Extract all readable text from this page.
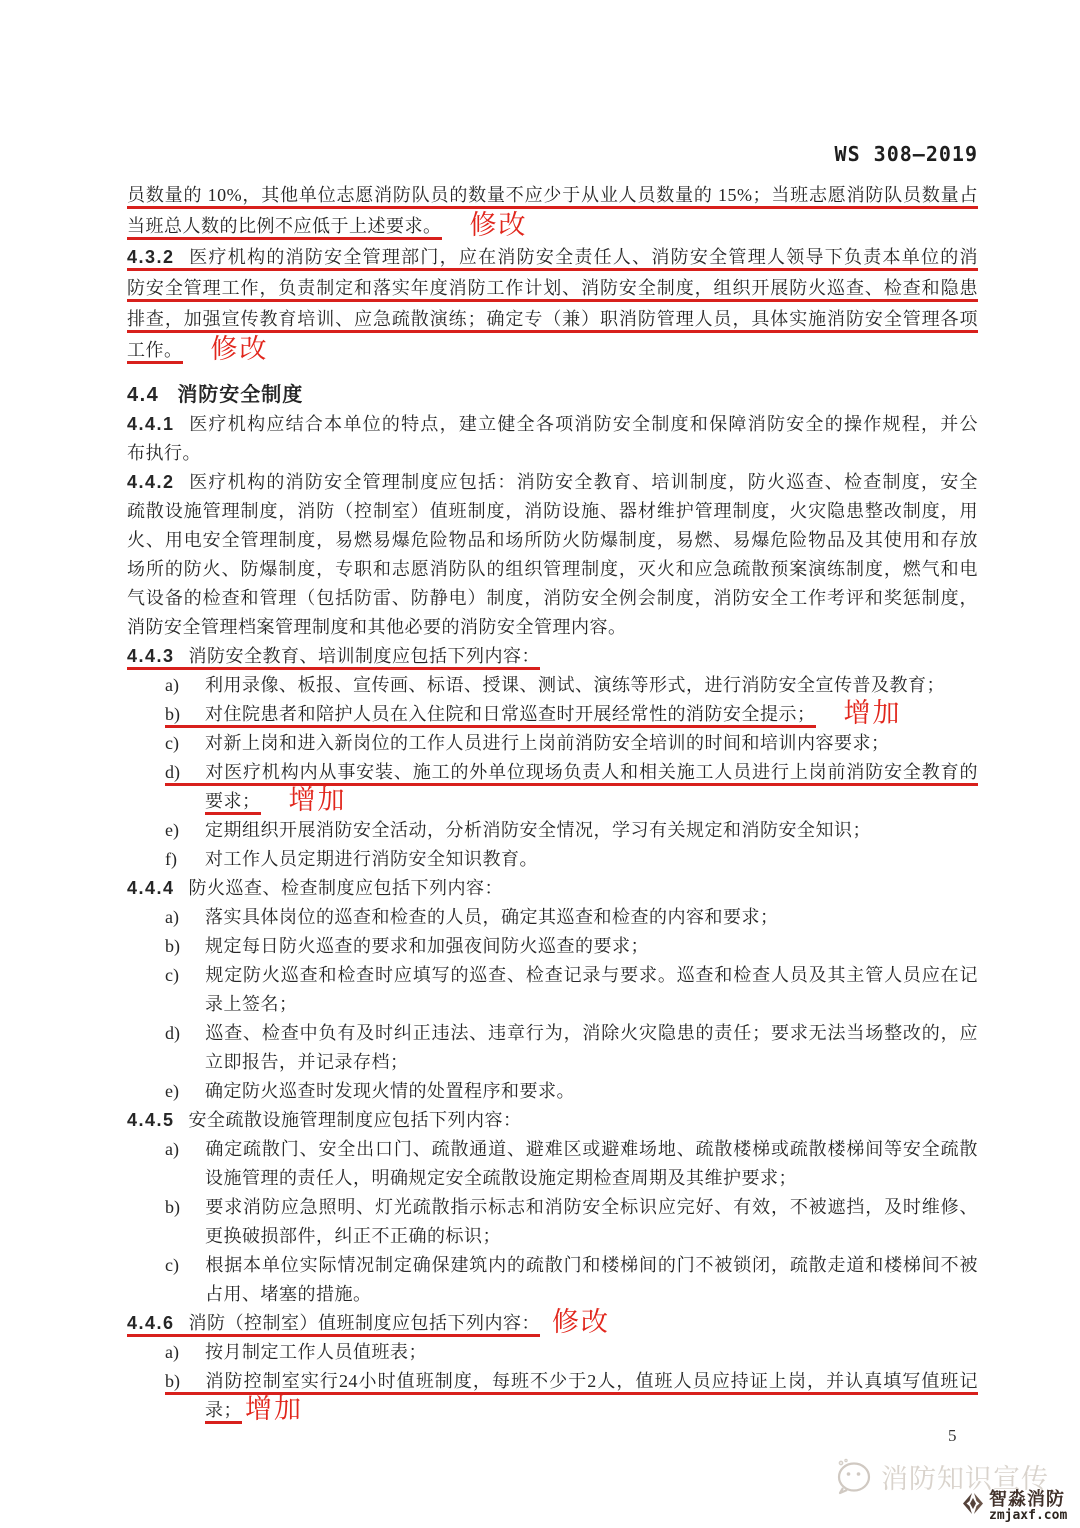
WS 308—2019
员数量的 10%，其他单位志愿消防队员的数量不应少于从业人员数量的 15%；当班志愿消防队员数量占
当班总人数的比例不应低于上述要求。 修改
4.3.2 医疗机构的消防安全管理部门，应在消防安全责任人、消防安全管理人领导下负责本单位的消
防安全管理工作，负责制定和落实年度消防工作计划、消防安全制度，组织开展防火巡查、检查和隐患
排查，加强宣传教育培训、应急疏散演练；确定专（兼）职消防管理人员，具体实施消防安全管理各项
工作。 修改
4.4 消防安全制度
4.4.1 医疗机构应结合本单位的特点，建立健全各项消防安全制度和保障消防安全的操作规程，并公
布执行。
4.4.2 医疗机构的消防安全管理制度应包括：消防安全教育、培训制度，防火巡查、检查制度，安全
疏散设施管理制度，消防（控制室）值班制度，消防设施、器材维护管理制度，火灾隐患整改制度，用
火、用电安全管理制度，易燃易爆危险物品和场所防火防爆制度，易燃、易爆危险物品及其使用和存放
场所的防火、防爆制度，专职和志愿消防队的组织管理制度，灭火和应急疏散预案演练制度，燃气和电
气设备的检查和管理（包括防雷、防静电）制度，消防安全例会制度，消防安全工作考评和奖惩制度，
消防安全管理档案管理制度和其他必要的消防安全管理内容。
4.4.3 消防安全教育、培训制度应包括下列内容：
a) 利用录像、板报、宣传画、标语、授课、测试、演练等形式，进行消防安全宣传普及教育；
b) 对住院患者和陪护人员在入住院和日常巡查时开展经常性的消防安全提示； 增加
c) 对新上岗和进入新岗位的工作人员进行上岗前消防安全培训的时间和培训内容要求；
d) 对医疗机构内从事安装、施工的外单位现场负责人和相关施工人员进行上岗前消防安全教育的
要求； 增加
e) 定期组织开展消防安全活动，分析消防安全情况，学习有关规定和消防安全知识；
f) 对工作人员定期进行消防安全知识教育。
4.4.4 防火巡查、检查制度应包括下列内容：
a) 落实具体岗位的巡查和检查的人员，确定其巡查和检查的内容和要求；
b) 规定每日防火巡查的要求和加强夜间防火巡查的要求；
c) 规定防火巡查和检查时应填写的巡查、检查记录与要求。巡查和检查人员及其主管人员应在记
录上签名；
d) 巡查、检查中负有及时纠正违法、违章行为，消除火灾隐患的责任；要求无法当场整改的，应
立即报告，并记录存档；
e) 确定防火巡查时发现火情的处置程序和要求。
4.4.5 安全疏散设施管理制度应包括下列内容：
a) 确定疏散门、安全出口门、疏散通道、避难区或避难场地、疏散楼梯或疏散楼梯间等安全疏散
设施管理的责任人，明确规定安全疏散设施定期检查周期及其维护要求；
b) 要求消防应急照明、灯光疏散指示标志和消防安全标识应完好、有效，不被遮挡，及时维修、
更换破损部件，纠正不正确的标识；
c) 根据本单位实际情况制定确保建筑内的疏散门和楼梯间的门不被锁闭，疏散走道和楼梯间不被
占用、堵塞的措施。
4.4.6 消防（控制室）值班制度应包括下列内容： 修改
a) 按月制定工作人员值班表；
b) 消防控制室实行24小时值班制度，每班不少于2人，值班人员应持证上岗，并认真填写值班记
录； 增加
5
消防知识宣传
智淼消防
zmjaxf.com
